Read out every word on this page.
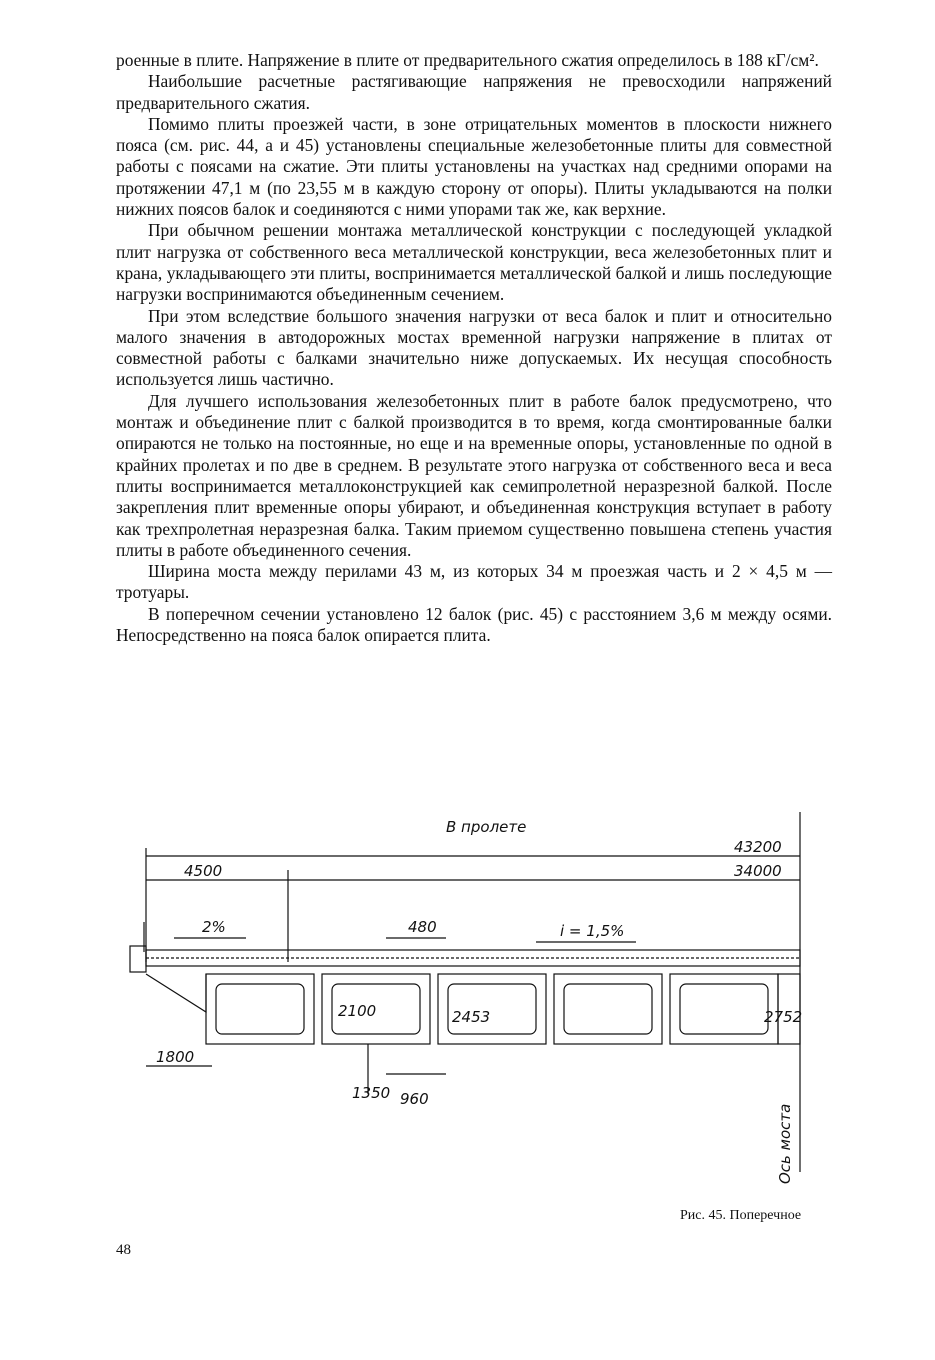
роенные в плите. Напряжение в плите от предварительного сжатия определилось в 188 кГ/см².

Наибольшие расчетные растягивающие напряжения не превосходили напряжений предварительного сжатия.

Помимо плиты проезжей части, в зоне отрицательных моментов в плоскости нижнего пояса (см. рис. 44, а и 45) установлены специальные железобетонные плиты для совместной работы с поясами на сжатие. Эти плиты установлены на участках над средними опорами на протяжении 47,1 м (по 23,55 м в каждую сторону от опоры). Плиты укладываются на полки нижних поясов балок и соединяются с ними упорами так же, как верхние.

При обычном решении монтажа металлической конструкции с последующей укладкой плит нагрузка от собственного веса металлической конструкции, веса железобетонных плит и крана, укладывающего эти плиты, воспринимается металлической балкой и лишь последующие нагрузки воспринимаются объединенным сечением.

При этом вследствие большого значения нагрузки от веса балок и плит и относительно малого значения в автодорожных мостах временной нагрузки напряжение в плитах от совместной работы с балками значительно ниже допускаемых. Их несущая способность используется лишь частично.

Для лучшего использования железобетонных плит в работе балок предусмотрено, что монтаж и объединение плит с балкой производится в то время, когда смонтированные балки опираются не только на постоянные, но еще и на временные опоры, установленные по одной в крайних пролетах и по две в среднем. В результате этого нагрузка от собственного веса и веса плиты воспринимается металлоконструкцией как семипролетной неразрезной балкой. После закрепления плит временные опоры убирают, и объединенная конструкция вступает в работу как трехпролетная неразрезная балка. Таким приемом существенно повышена степень участия плиты в работе объединенного сечения.

Ширина моста между перилами 43 м, из которых 34 м проезжая часть и 2 × 4,5 м — тротуары.

В поперечном сечении установлено 12 балок (рис. 45) с расстоянием 3,6 м между осями. Непосредственно на пояса балок опирается плита.

В пролете
43200
34000
4500
2%	i = 1,5%
480
2100	2453	2752
1800
1350 960
Ось моста
Рис. 45. Поперечное
48
